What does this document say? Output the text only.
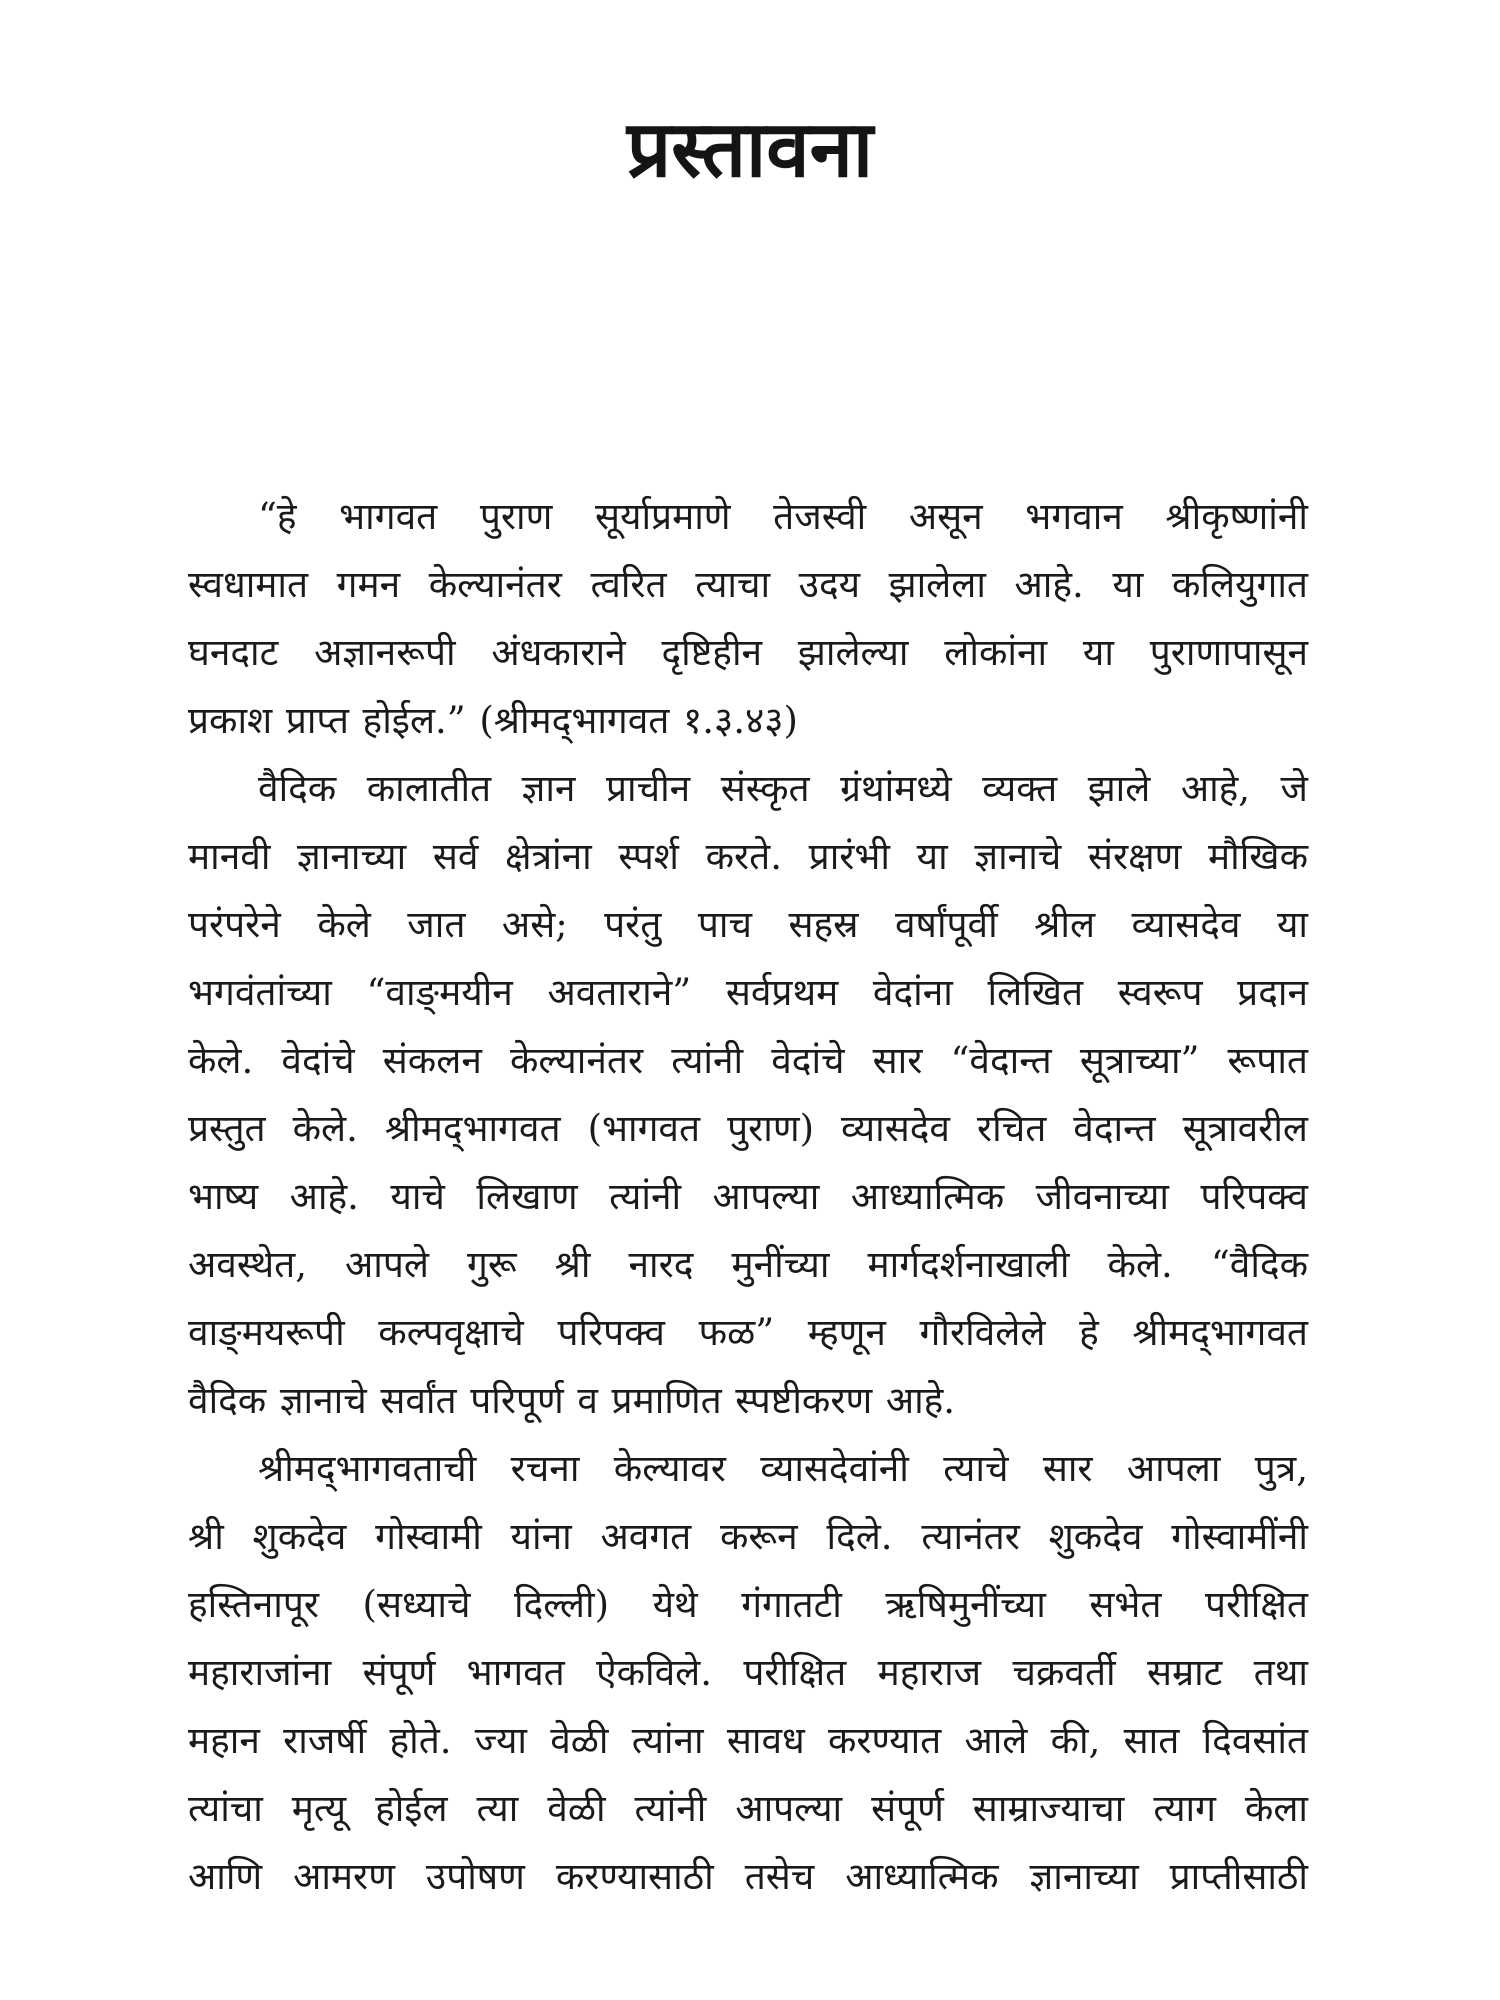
प्रस्तावना
“हे भागवत पुराण सूर्याप्रमाणे तेजस्वी असून भगवान श्रीकृष्णांनी
स्वधामात गमन केल्यानंतर त्वरित त्याचा उदय झालेला आहे. या कलियुगात
घनदाट अज्ञानरूपी अंधकाराने दृष्टिहीन झालेल्या लोकांना या पुराणापासून
प्रकाश प्राप्त होईल.” (श्रीमद्‌भागवत १.३.४३)
वैदिक कालातीत ज्ञान प्राचीन संस्कृत ग्रंथांमध्ये व्यक्त झाले आहे, जे
मानवी ज्ञानाच्या सर्व क्षेत्रांना स्पर्श करते. प्रारंभी या ज्ञानाचे संरक्षण मौखिक
परंपरेने केले जात असे; परंतु पाच सहस्र वर्षांपूर्वी श्रील व्यासदेव या
भगवंतांच्या “वाङ्‌मयीन अवताराने” सर्वप्रथम वेदांना लिखित स्वरूप प्रदान
केले. वेदांचे संकलन केल्यानंतर त्यांनी वेदांचे सार “वेदान्त सूत्राच्या” रूपात
प्रस्तुत केले. श्रीमद्‌भागवत (भागवत पुराण) व्यासदेव रचित वेदान्त सूत्रावरील
भाष्य आहे. याचे लिखाण त्यांनी आपल्या आध्यात्मिक जीवनाच्या परिपक्व
अवस्थेत, आपले गुरू श्री नारद मुनींच्या मार्गदर्शनाखाली केले. “वैदिक
वाङ्‌मयरूपी कल्पवृक्षाचे परिपक्व फळ” म्हणून गौरविलेले हे श्रीमद्‌भागवत
वैदिक ज्ञानाचे सर्वांत परिपूर्ण व प्रमाणित स्पष्टीकरण आहे.
श्रीमद्‌भागवताची रचना केल्यावर व्यासदेवांनी त्याचे सार आपला पुत्र,
श्री शुकदेव गोस्वामी यांना अवगत करून दिले. त्यानंतर शुकदेव गोस्वामींनी
हस्तिनापूर (सध्याचे दिल्ली) येथे गंगातटी ऋषिमुनींच्या सभेत परीक्षित
महाराजांना संपूर्ण भागवत ऐकविले. परीक्षित महाराज चक्रवर्ती सम्राट तथा
महान राजर्षी होते. ज्या वेळी त्यांना सावध करण्यात आले की, सात दिवसांत
त्यांचा मृत्यू होईल त्या वेळी त्यांनी आपल्या संपूर्ण साम्राज्याचा त्याग केला
आणि आमरण उपोषण करण्यासाठी तसेच आध्यात्मिक ज्ञानाच्या प्राप्तीसाठी
